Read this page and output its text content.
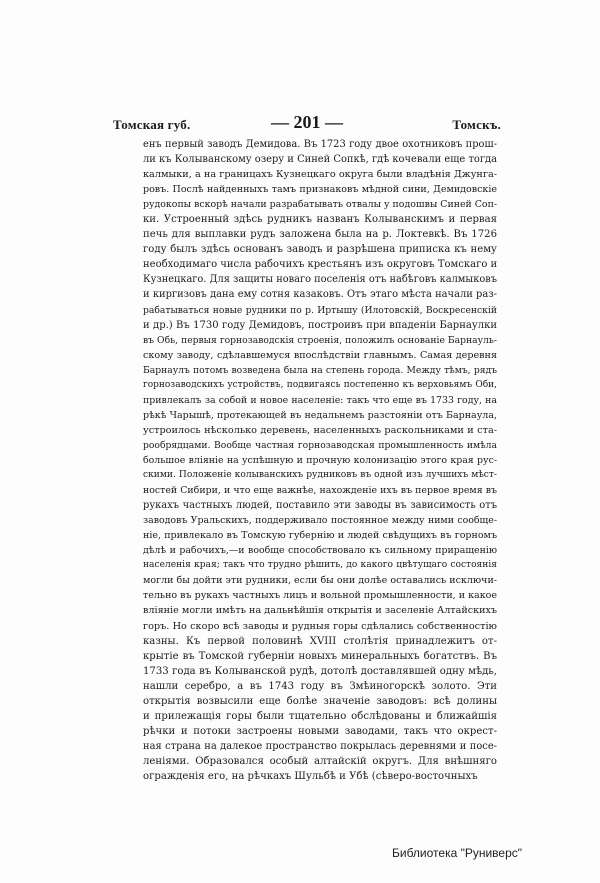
Томская губ.	— 201 —	Томскъ.
енъ первый заводъ Демидова. Въ 1723 году двое охотниковъ прош-
ли къ Колыванскому озеру и Синей Сопкѣ, гдѣ кочевали еще тогда
калмыки, а на границахъ Кузнецкаго округа были владѣнія Джунга-
ровъ. Послѣ найденныхъ тамъ признаковъ мѣдной сини, Демидовскіе
рудокопы вскорѣ начали разрабатывать отвалы у подошвы Синей Соп-
ки. Устроенный здѣсь рудникъ названъ Колыванскимъ и первая
печь для выплавки рудъ заложена была на р. Локтевкѣ. Въ 1726
году былъ здѣсь основанъ заводъ и разрѣшена приписка къ нему
необходимаго числа рабочихъ крестьянъ изъ округовъ Томскаго и
Кузнецкаго. Для защиты новаго поселенія отъ набѣговъ калмыковъ
и киргизовъ дана ему сотня казаковъ. Отъ этаго мѣста начали раз-
рабатываться новые рудники по р. Иртышу (Илотовскій, Воскресенскій
и др.) Въ 1730 году Демидовъ, построивъ при впаденіи Барнаулки
въ Обь, первыя горнозаводскія строенія, положилъ основаніе Барнауль-
скому заводу, сдѣлавшемуся впослѣдствіи главнымъ. Самая деревня
Барнаулъ потомъ возведена была на степень города. Между тѣмъ, рядъ
горнозаводскихъ устройствъ, подвигаясь постепенно къ верховьямъ Оби,
привлекалъ за собой и новое населеніе: такъ что еще въ 1733 году, на
рѣкѣ Чарышѣ, протекающей въ недальнемъ разстояніи отъ Барнаула,
устроилось нѣсколько деревень, населенныхъ раскольниками и ста-
рообрядцами. Вообще частная горнозаводская промышленность имѣла
большое вліяніе на успѣшную и прочную колонизацію этого края рус-
скими. Положеніе колыванскихъ рудниковъ въ одной изъ лучшихъ мѣст-
ностей Сибири, и что еще важнѣе, нахожденіе ихъ въ первое время въ
рукахъ частныхъ людей, поставило эти заводы въ зависимость отъ
заводовъ Уральскихъ, поддерживало постоянное между ними сообще-
ніе, привлекало въ Томскую губернію и людей свѣдущихъ въ горномъ
дѣлѣ и рабочихъ,—и вообще способствовало къ сильному приращенію
населенія края; такъ что трудно рѣшить, до какого цвѣтущаго состоянія
могли бы дойти эти рудники, если бы они долѣе оставались исключи-
тельно въ рукахъ частныхъ лицъ и вольной промышленности, и какое
вліяніе могли имѣть на дальнѣйшія открытія и заселеніе Алтайскихъ
горъ. Но скоро всѣ заводы и рудныя горы сдѣлались собственностію
казны. Къ первой половинѣ XVIII столѣтія принадлежитъ от-
крытіе въ Томской губерніи новыхъ минеральныхъ богатствъ. Въ
1733 года въ Колыванской рудѣ, дотолѣ доставлявшей одну мѣдь,
нашли серебро, а въ 1743 году въ Змѣиногорскѣ золото. Эти
открытія возвысили еще болѣе значеніе заводовъ: всѣ долины
и прилежащія горы были тщательно обслѣдованы и ближайшія
рѣчки и потоки застроены новыми заводами, такъ что окрест-
ная страна на далекое пространство покрылась деревнями и посе-
леніями. Образовался особый алтайскій округъ. Для внѣшняго
огражденія его, на рѣчкахъ Шульбѣ и Убѣ (сѣверо-восточныхъ
Библиотека "Руниверс"
